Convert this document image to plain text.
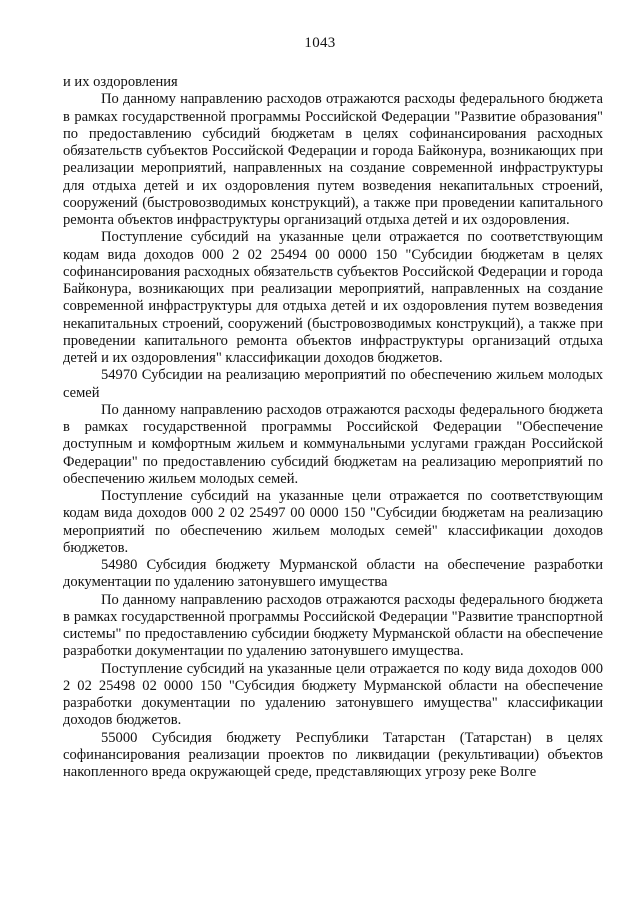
1043

и их оздоровления

По данному направлению расходов отражаются расходы федерального бюджета в рамках государственной программы Российской Федерации "Развитие образования" по предоставлению субсидий бюджетам в целях софинансирования расходных обязательств субъектов Российской Федерации и города Байконура, возникающих при реализации мероприятий, направленных на создание современной инфраструктуры для отдыха детей и их оздоровления путем возведения некапитальных строений, сооружений (быстровозводимых конструкций), а также при проведении капитального ремонта объектов инфраструктуры организаций отдыха детей и их оздоровления.

Поступление субсидий на указанные цели отражается по соответствующим кодам вида доходов 000 2 02 25494 00 0000 150 "Субсидии бюджетам в целях софинансирования расходных обязательств субъектов Российской Федерации и города Байконура, возникающих при реализации мероприятий, направленных на создание современной инфраструктуры для отдыха детей и их оздоровления путем возведения некапитальных строений, сооружений (быстровозводимых конструкций), а также при проведении капитального ремонта объектов инфраструктуры организаций отдыха детей и их оздоровления" классификации доходов бюджетов.

54970 Субсидии на реализацию мероприятий по обеспечению жильем молодых семей

По данному направлению расходов отражаются расходы федерального бюджета в рамках государственной программы Российской Федерации "Обеспечение доступным и комфортным жильем и коммунальными услугами граждан Российской Федерации" по предоставлению субсидий бюджетам на реализацию мероприятий по обеспечению жильем молодых семей.

Поступление субсидий на указанные цели отражается по соответствующим кодам вида доходов 000 2 02 25497 00 0000 150 "Субсидии бюджетам на реализацию мероприятий по обеспечению жильем молодых семей" классификации доходов бюджетов.

54980 Субсидия бюджету Мурманской области на обеспечение разработки документации по удалению затонувшего имущества

По данному направлению расходов отражаются расходы федерального бюджета в рамках государственной программы Российской Федерации "Развитие транспортной системы" по предоставлению субсидии бюджету Мурманской области на обеспечение разработки документации по удалению затонувшего имущества.

Поступление субсидий на указанные цели отражается по коду вида доходов 000 2 02 25498 02 0000 150 "Субсидия бюджету Мурманской области на обеспечение разработки документации по удалению затонувшего имущества" классификации доходов бюджетов.

55000 Субсидия бюджету Республики Татарстан (Татарстан) в целях софинансирования реализации проектов по ликвидации (рекультивации) объектов накопленного вреда окружающей среде, представляющих угрозу реке Волге
